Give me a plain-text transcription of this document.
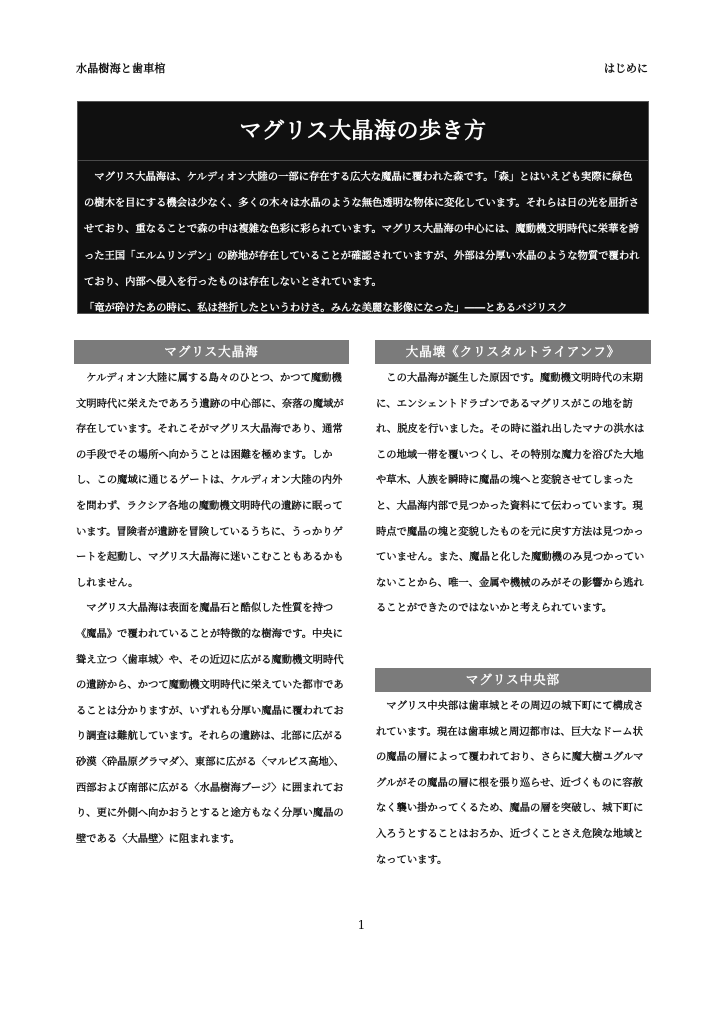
水晶樹海と歯車棺	はじめに
マグリス大晶海の歩き方

マグリス大晶海は、ケルディオン大陸の一部に存在する広大な魔晶に覆われた森です。「森」とはいえども実際に緑色の樹木を目にする機会は少なく、多くの木々は水晶のような無色透明な物体に変化しています。それらは日の光を屈折させており、重なることで森の中は複雑な色彩に彩られています。マグリス大晶海の中心には、魔動機文明時代に栄華を誇った王国「エルムリンデン」の跡地が存在していることが確認されていますが、外部は分厚い水晶のような物質で覆われており、内部へ侵入を行ったものは存在しないとされています。

「竜が砕けたあの時に、私は挫折したというわけさ。みんな美麗な影像になった」――とあるバジリスク

マグリス大晶海

ケルディオン大陸に属する島々のひとつ、かつて魔動機文明時代に栄えたであろう遺跡の中心部に、奈落の魔域が存在しています。それこそがマグリス大晶海であり、通常の手段でその場所へ向かうことは困難を極めます。しかし、この魔域に通じるゲートは、ケルディオン大陸の内外を問わず、ラクシア各地の魔動機文明時代の遺跡に眠っています。冒険者が遺跡を冒険しているうちに、うっかりゲートを起動し、マグリス大晶海に迷いこむこともあるかもしれません。

マグリス大晶海は表面を魔晶石と酷似した性質を持つ《魔晶》で覆われていることが特徴的な樹海です。中央に聳え立つ〈歯車城〉や、その近辺に広がる魔動機文明時代の遺跡から、かつて魔動機文明時代に栄えていた都市であることは分かりますが、いずれも分厚い魔晶に覆われており調査は難航しています。それらの遺跡は、北部に広がる砂漠〈砕晶原グラマダ〉、東部に広がる〈マルピス高地〉、西部および南部に広がる〈水晶樹海ブージ〉に囲まれており、更に外側へ向かおうとすると途方もなく分厚い魔晶の壁である〈大晶壁〉に阻まれます。

大晶壊《クリスタルトライアンフ》

この大晶海が誕生した原因です。魔動機文明時代の末期に、エンシェントドラゴンであるマグリスがこの地を訪れ、脱皮を行いました。その時に溢れ出したマナの洪水はこの地域一帯を覆いつくし、その特別な魔力を浴びた大地や草木、人族を瞬時に魔晶の塊へと変貌させてしまったと、大晶海内部で見つかった資料にて伝わっています。現時点で魔晶の塊と変貌したものを元に戻す方法は見つかっていません。また、魔晶と化した魔動機のみ見つかっていないことから、唯一、金属や機械のみがその影響から逃れることができたのではないかと考えられています。

マグリス中央部

マグリス中央部は歯車城とその周辺の城下町にて構成されています。現在は歯車城と周辺都市は、巨大なドーム状の魔晶の層によって覆われており、さらに魔大樹ユグルマグルがその魔晶の層に根を張り巡らせ、近づくものに容赦なく襲い掛かってくるため、魔晶の層を突破し、城下町に入ろうとすることはおろか、近づくことさえ危険な地域となっています。

1
